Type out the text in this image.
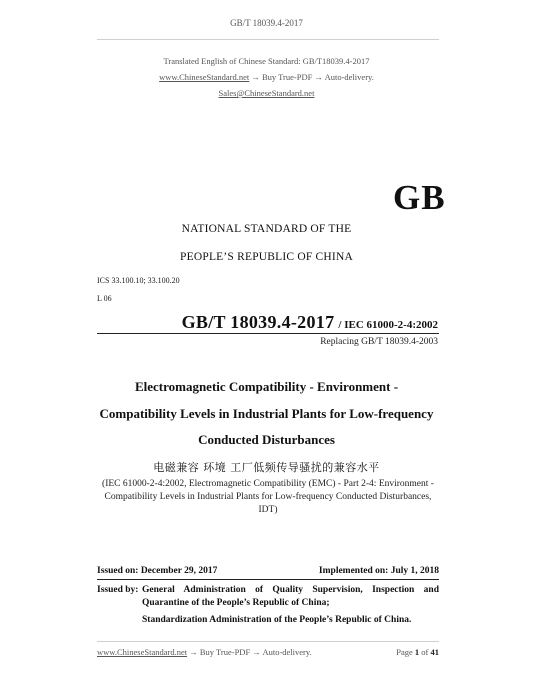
GB/T 18039.4-2017
Translated English of Chinese Standard: GB/T18039.4-2017
www.ChineseStandard.net → Buy True-PDF → Auto-delivery.
Sales@ChineseStandard.net
GB
NATIONAL STANDARD OF THE
PEOPLE’S REPUBLIC OF CHINA
ICS 33.100.10; 33.100.20
L 06
GB/T 18039.4-2017 / IEC 61000-2-4:2002
Replacing GB/T 18039.4-2003
Electromagnetic Compatibility - Environment -
Compatibility Levels in Industrial Plants for Low-frequency
Conducted Disturbances
电磁兼容 环境 工厂低频传导骚扰的兼容水平
(IEC 61000-2-4:2002, Electromagnetic Compatibility (EMC) - Part 2-4: Environment - Compatibility Levels in Industrial Plants for Low-frequency Conducted Disturbances, IDT)
Issued on: December 29, 2017	Implemented on: July 1, 2018
Issued by: General Administration of Quality Supervision, Inspection and Quarantine of the People’s Republic of China;
Standardization Administration of the People’s Republic of China.
www.ChineseStandard.net → Buy True-PDF → Auto-delivery.	Page 1 of 41
